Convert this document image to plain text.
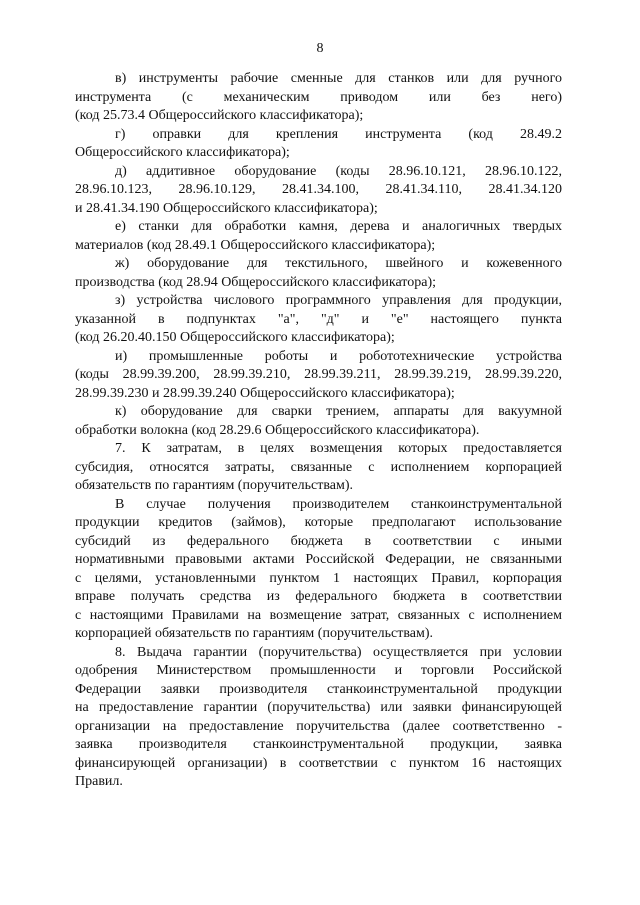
8
в) инструменты рабочие сменные для станков или для ручного
инструмента (с механическим приводом или без него)
(код 25.73.4 Общероссийского классификатора);
г) оправки для крепления инструмента (код 28.49.2
Общероссийского классификатора);
д) аддитивное оборудование (коды 28.96.10.121, 28.96.10.122,
28.96.10.123, 28.96.10.129, 28.41.34.100, 28.41.34.110, 28.41.34.120
и 28.41.34.190 Общероссийского классификатора);
е) станки для обработки камня, дерева и аналогичных твердых
материалов (код 28.49.1 Общероссийского классификатора);
ж) оборудование для текстильного, швейного и кожевенного
производства (код 28.94 Общероссийского классификатора);
з) устройства числового программного управления для продукции,
указанной в подпунктах "а", "д" и "е" настоящего пункта
(код 26.20.40.150 Общероссийского классификатора);
и) промышленные роботы и робототехнические устройства
(коды 28.99.39.200, 28.99.39.210, 28.99.39.211, 28.99.39.219, 28.99.39.220,
28.99.39.230 и 28.99.39.240 Общероссийского классификатора);
к) оборудование для сварки трением, аппараты для вакуумной
обработки волокна (код 28.29.6 Общероссийского классификатора).
7. К затратам, в целях возмещения которых предоставляется
субсидия, относятся затраты, связанные с исполнением корпорацией
обязательств по гарантиям (поручительствам).
В случае получения производителем станкоинструментальной
продукции кредитов (займов), которые предполагают использование
субсидий из федерального бюджета в соответствии с иными
нормативными правовыми актами Российской Федерации, не связанными
с целями, установленными пунктом 1 настоящих Правил, корпорация
вправе получать средства из федерального бюджета в соответствии
с настоящими Правилами на возмещение затрат, связанных с исполнением
корпорацией обязательств по гарантиям (поручительствам).
8. Выдача гарантии (поручительства) осуществляется при условии
одобрения Министерством промышленности и торговли Российской
Федерации заявки производителя станкоинструментальной продукции
на предоставление гарантии (поручительства) или заявки финансирующей
организации на предоставление поручительства (далее соответственно -
заявка производителя станкоинструментальной продукции, заявка
финансирующей организации) в соответствии с пунктом 16 настоящих
Правил.
